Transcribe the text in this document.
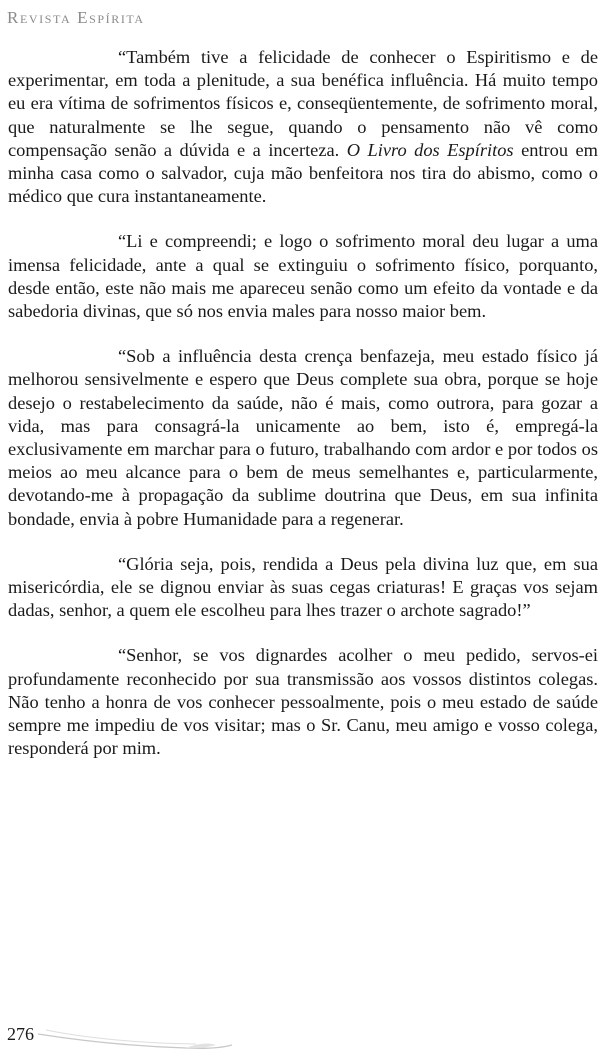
Revista Espírita

“Também tive a felicidade de conhecer o Espiritismo e de experimentar, em toda a plenitude, a sua benéfica influência. Há muito tempo eu era vítima de sofrimentos físicos e, conseqüentemente, de sofrimento moral, que naturalmente se lhe segue, quando o pensamento não vê como compensação senão a dúvida e a incerteza. O Livro dos Espíritos entrou em minha casa como o salvador, cuja mão benfeitora nos tira do abismo, como o médico que cura instantaneamente.

“Li e compreendi; e logo o sofrimento moral deu lugar a uma imensa felicidade, ante a qual se extinguiu o sofrimento físico, porquanto, desde então, este não mais me apareceu senão como um efeito da vontade e da sabedoria divinas, que só nos envia males para nosso maior bem.

“Sob a influência desta crença benfazeja, meu estado físico já melhorou sensivelmente e espero que Deus complete sua obra, porque se hoje desejo o restabelecimento da saúde, não é mais, como outrora, para gozar a vida, mas para consagrá-la unicamente ao bem, isto é, empregá-la exclusivamente em marchar para o futuro, trabalhando com ardor e por todos os meios ao meu alcance para o bem de meus semelhantes e, particularmente, devotando-me à propagação da sublime doutrina que Deus, em sua infinita bondade, envia à pobre Humanidade para a regenerar.

“Glória seja, pois, rendida a Deus pela divina luz que, em sua misericórdia, ele se dignou enviar às suas cegas criaturas! E graças vos sejam dadas, senhor, a quem ele escolheu para lhes trazer o archote sagrado!”

“Senhor, se vos dignardes acolher o meu pedido, servos-ei profundamente reconhecido por sua transmissão aos vossos distintos colegas. Não tenho a honra de vos conhecer pessoalmente, pois o meu estado de saúde sempre me impediu de vos visitar; mas o Sr. Canu, meu amigo e vosso colega, responderá por mim.

276
